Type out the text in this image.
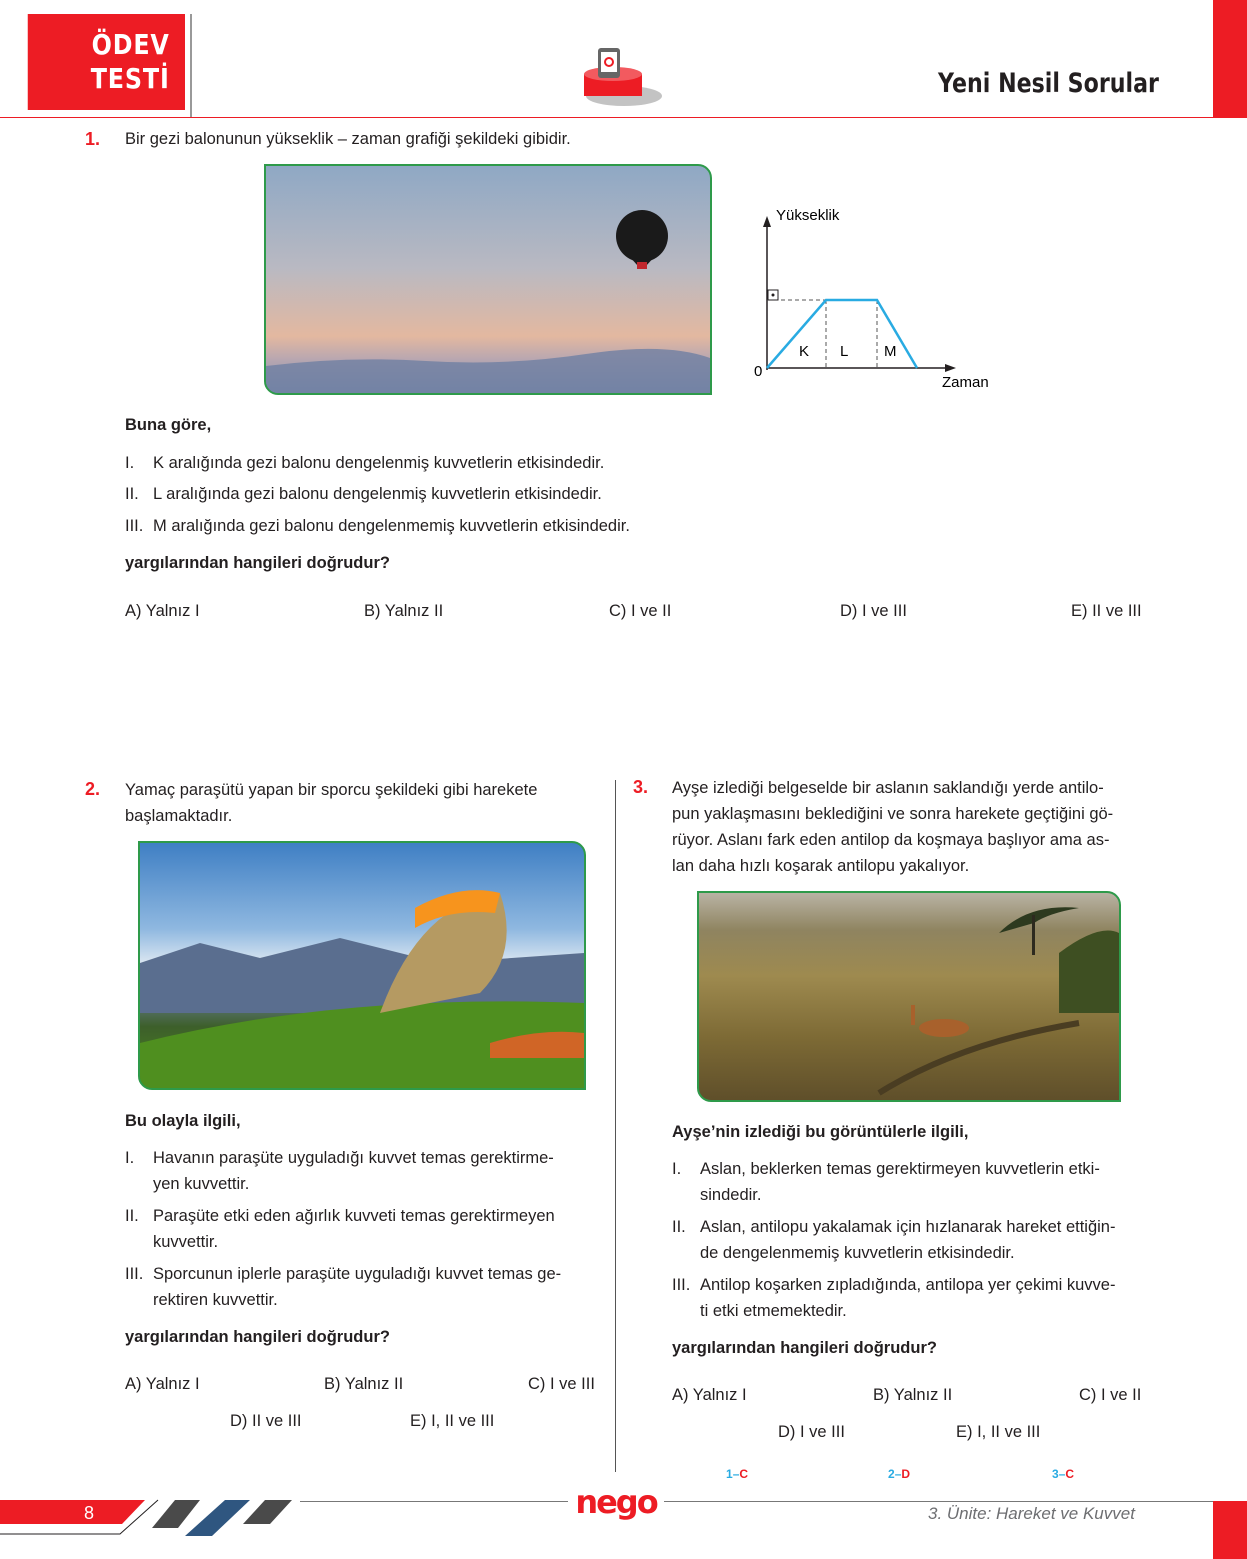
ÖDEV
TESTİ	Yeni Nesil Sorular
1. Bir gezi balonunun yükseklik – zaman grafiği şekildeki gibidir.
Yükseklik
Zaman
0
K L M
Buna göre,
I. K aralığında gezi balonu dengelenmiş kuvvetlerin etkisindedir.
II. L aralığında gezi balonu dengelenmiş kuvvetlerin etkisindedir.
III. M aralığında gezi balonu dengelenmemiş kuvvetlerin etkisindedir.
yargılarından hangileri doğrudur?
A) Yalnız I	B) Yalnız II	C) I ve II	D) I ve III	E) II ve III
2. Yamaç paraşütü yapan bir sporcu şekildeki gibi harekete
başlamaktadır.
Bu olayla ilgili,
I. Havanın paraşüte uyguladığı kuvvet temas gerektirme-
yen kuvvettir.
II. Paraşüte etki eden ağırlık kuvveti temas gerektirmeyen
kuvvettir.
III. Sporcunun iplerle paraşüte uyguladığı kuvvet temas ge-
rektiren kuvvettir.
yargılarından hangileri doğrudur?
A) Yalnız I	B) Yalnız II	C) I ve III
D) II ve III	E) I, II ve III
3. Ayşe izlediği belgeselde bir aslanın saklandığı yerde antilo-
pun yaklaşmasını beklediğini ve sonra harekete geçtiğini gö-
rüyor. Aslanı fark eden antilop da koşmaya başlıyor ama as-
lan daha hızlı koşarak antilopu yakalıyor.
Ayşe’nin izlediği bu görüntülerle ilgili,
I. Aslan, beklerken temas gerektirmeyen kuvvetlerin etki-
sindedir.
II. Aslan, antilopu yakalamak için hızlanarak hareket ettiğin-
de dengelenmemiş kuvvetlerin etkisindedir.
III. Antilop koşarken zıpladığında, antilopa yer çekimi kuvve-
ti etki etmemektedir.
yargılarından hangileri doğrudur?
A) Yalnız I	B) Yalnız II	C) I ve II
D) I ve III	E) I, II ve III
1–C	2–D	3–C
8	nego	3. Ünite: Hareket ve Kuvvet
